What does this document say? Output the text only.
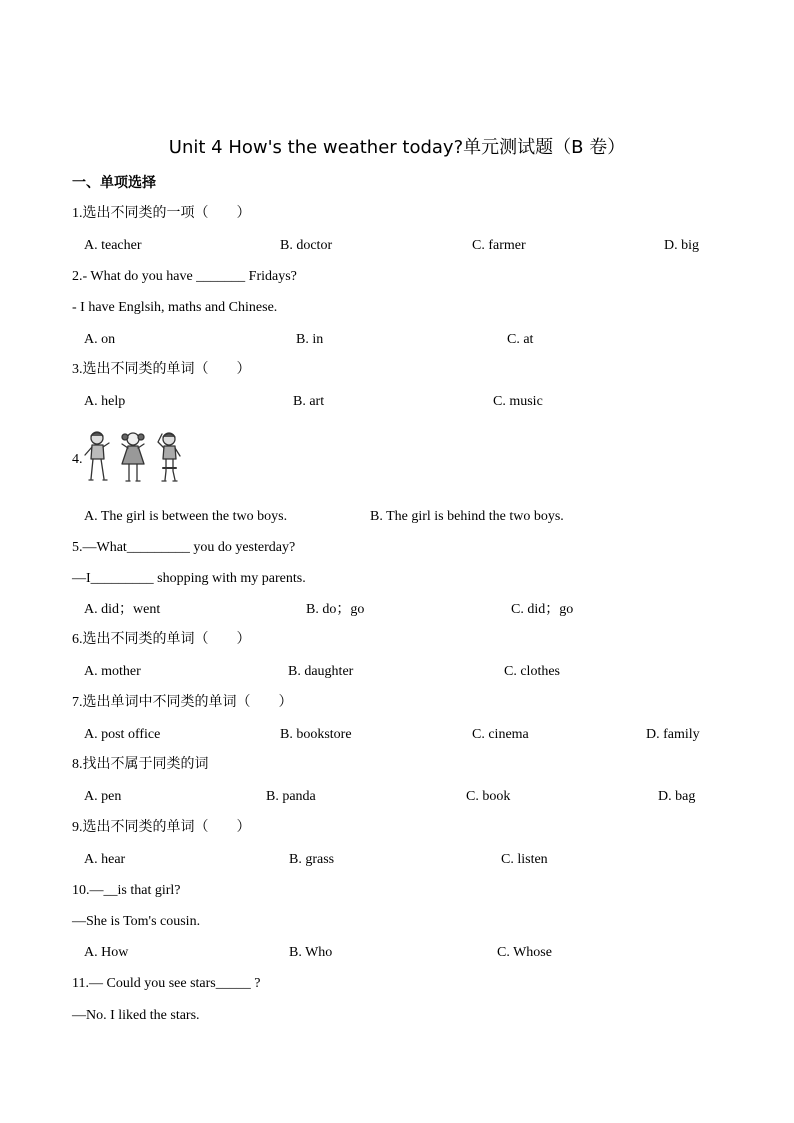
Unit 4 How's the weather today?单元测试题（B 卷）
一、单项选择
1.选出不同类的一项（　　）
A. teacher	B. doctor	C. farmer	D. big
2.- What do you have _______ Fridays?
- I have Englsih, maths and Chinese.
A. on	B. in	C. at
3.选出不同类的单词（　　）
A. help	B. art	C. music
4.
A. The girl is between the two boys.	B. The girl is behind the two boys.
5.—What_________ you do yesterday?
—I_________ shopping with my parents.
A. did；went	B. do；go	C. did；go
6.选出不同类的单词（　　）
A. mother	B. daughter	C. clothes
7.选出单词中不同类的单词（　　）
A. post office	B. bookstore	C. cinema	D. family
8.找出不属于同类的词
A. pen	B. panda	C. book	D. bag
9.选出不同类的单词（　　）
A. hear	B. grass	C. listen
10.—__is that girl?
—She is Tom's cousin.
A. How	B. Who	C. Whose
11.— Could you see stars_____ ?
—No. I liked the stars.
